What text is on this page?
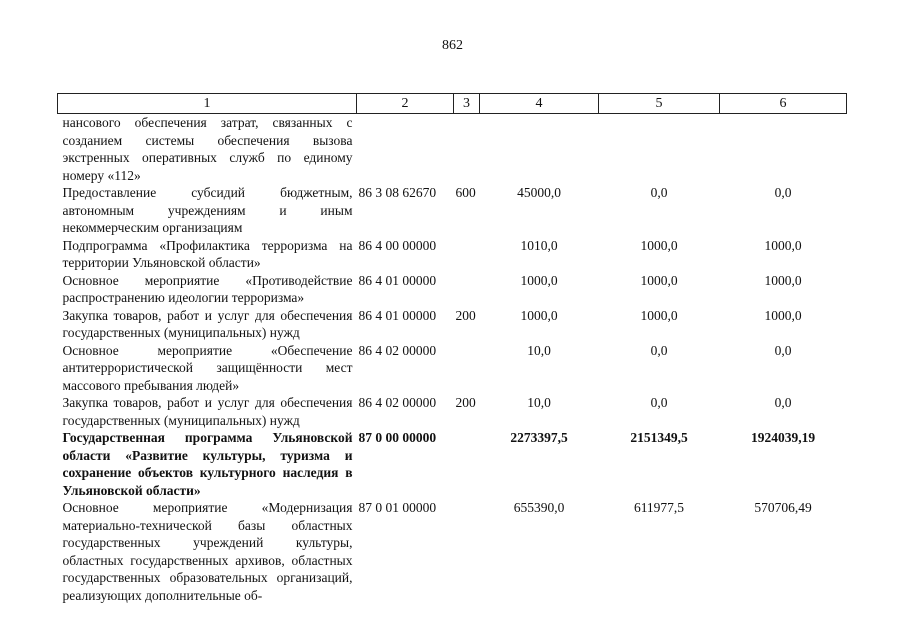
862
1	2	3	4	5	6
нансового обеспечения затрат, связанных с созданием системы обеспечения вызова экстренных оперативных служб по единому номеру «112»					
Предоставление субсидий бюджетным, автономным учреждениям и иным некоммерческим организациям	86 3 08 62670	600	45000,0	0,0	0,0
Подпрограмма «Профилактика терроризма на территории Ульяновской области»	86 4 00 00000		1010,0	1000,0	1000,0
Основное мероприятие «Противодействие распространению идеологии терроризма»	86 4 01 00000		1000,0	1000,0	1000,0
Закупка товаров, работ и услуг для обеспечения государственных (муниципальных) нужд	86 4 01 00000	200	1000,0	1000,0	1000,0
Основное мероприятие «Обеспечение антитеррористической защищённости мест массового пребывания людей»	86 4 02 00000		10,0	0,0	0,0
Закупка товаров, работ и услуг для обеспечения государственных (муниципальных) нужд	86 4 02 00000	200	10,0	0,0	0,0
Государственная программа Ульяновской области «Развитие культуры, туризма и сохранение объектов культурного наследия в Ульяновской области»	87 0 00 00000		2273397,5	2151349,5	1924039,19
Основное мероприятие «Модернизация материально-технической базы областных государственных учреждений культуры, областных государственных архивов, областных государственных образовательных организаций, реализующих дополнительные об-	87 0 01 00000		655390,0	611977,5	570706,49
